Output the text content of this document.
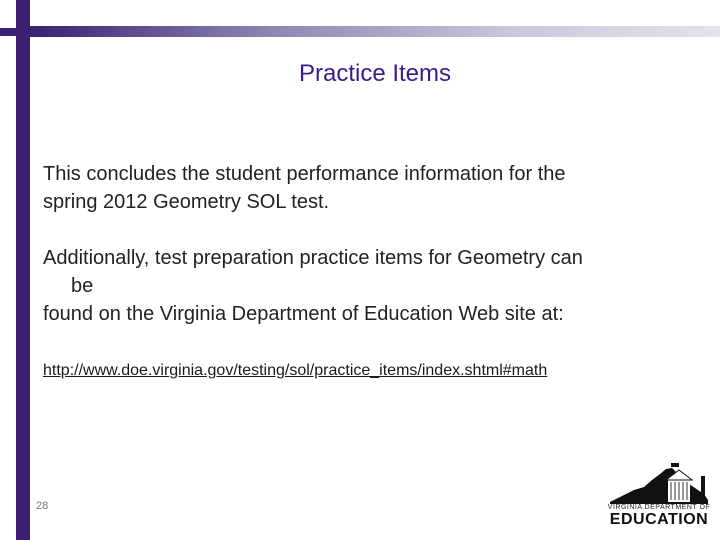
Practice Items

This concludes the student performance information for the
spring 2012 Geometry SOL test.

Additionally, test preparation practice items for Geometry can
be
found on the Virginia Department of Education Web site at:

http://www.doe.virginia.gov/testing/sol/practice_items/index.shtml#math
28	VIRGINIA DEPARTMENT OF
EDUCATION
